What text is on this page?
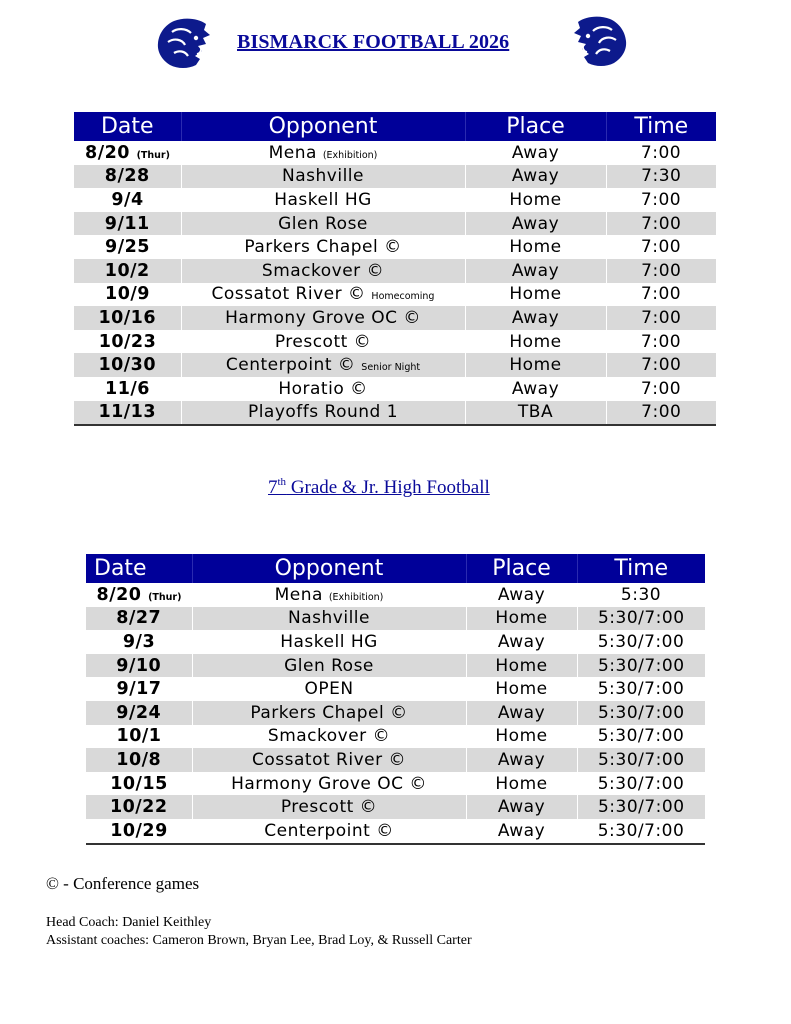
BISMARCK FOOTBALL 2026
Date	Opponent	Place	Time
8/20 (Thur)	Mena (Exhibition)	Away	7:00
8/28	Nashville	Away	7:30
9/4	Haskell HG	Home	7:00
9/11	Glen Rose	Away	7:00
9/25	Parkers Chapel ©	Home	7:00
10/2	Smackover ©	Away	7:00
10/9	Cossatot River © Homecoming	Home	7:00
10/16	Harmony Grove OC ©	Away	7:00
10/23	Prescott ©	Home	7:00
10/30	Centerpoint © Senior Night	Home	7:00
11/6	Horatio ©	Away	7:00
11/13	Playoffs Round 1	TBA	7:00
7th Grade & Jr. High Football
Date	Opponent	Place	Time
8/20 (Thur)	Mena (Exhibition)	Away	5:30
8/27	Nashville	Home	5:30/7:00
9/3	Haskell HG	Away	5:30/7:00
9/10	Glen Rose	Home	5:30/7:00
9/17	OPEN	Home	5:30/7:00
9/24	Parkers Chapel ©	Away	5:30/7:00
10/1	Smackover ©	Home	5:30/7:00
10/8	Cossatot River ©	Away	5:30/7:00
10/15	Harmony Grove OC ©	Home	5:30/7:00
10/22	Prescott ©	Away	5:30/7:00
10/29	Centerpoint ©	Away	5:30/7:00
© - Conference games
Head Coach: Daniel Keithley
Assistant coaches: Cameron Brown, Bryan Lee, Brad Loy, & Russell Carter
